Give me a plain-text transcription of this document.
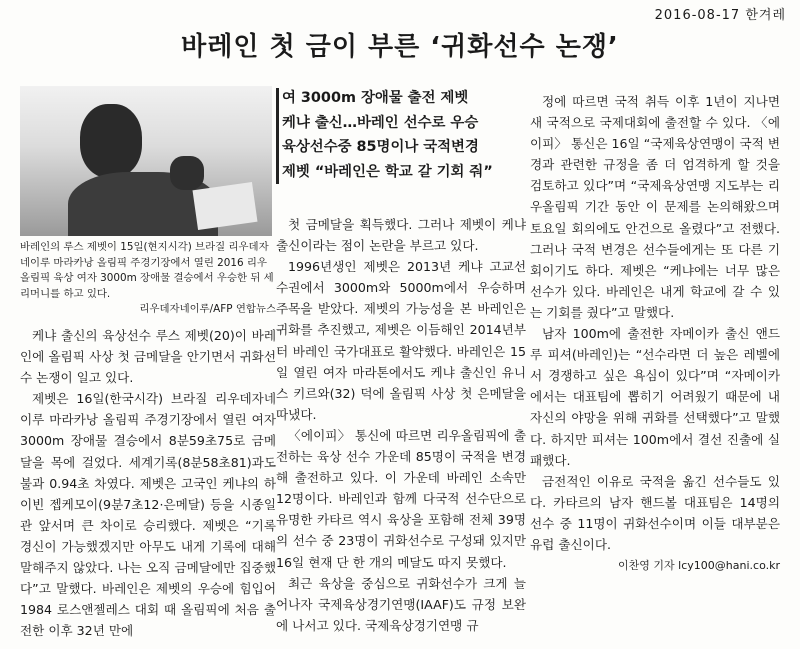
2016-08-17 한겨레
바레인 첫 금이 부른 ‘귀화선수 논쟁’
바레인의 루스 제벳이 15일(현지시각) 브라질 리우데자네이루 마라카낭 올림픽 주경기장에서 열린 2016 리우올림픽 육상 여자 3000m 장애물 결승에서 우승한 뒤 세리머니를 하고 있다.
리우데자네이루/AFP 연합뉴스
여 3000m 장애물 출전 제벳
케냐 출신…바레인 선수로 우승
육상선수중 85명이나 국적변경
제벳 “바레인은 학교 갈 기회 줘”

케냐 출신의 육상선수 루스 제벳(20)이 바레인에 올림픽 사상 첫 금메달을 안기면서 귀화선수 논쟁이 일고 있다.

제벳은 16일(한국시각) 브라질 리우데자네이루 마라카낭 올림픽 주경기장에서 열린 여자 3000m 장애물 결승에서 8분59초75로 금메달을 목에 걸었다. 세계기록(8분58초81)과도 불과 0.94초 차였다. 제벳은 고국인 케냐의 하이빈 젭케모이(9분7초12·은메달) 등을 시종일관 앞서며 큰 차이로 승리했다. 제벳은 “기록 경신이 가능했겠지만 아무도 내게 기록에 대해 말해주지 않았다. 나는 오직 금메달에만 집중했다”고 말했다. 바레인은 제벳의 우승에 힘입어 1984 로스앤젤레스 대회 때 올림픽에 처음 출전한 이후 32년 만에

첫 금메달을 획득했다. 그러나 제벳이 케냐 출신이라는 점이 논란을 부르고 있다.

1996년생인 제벳은 2013년 케냐 고교선수권에서 3000m와 5000m에서 우승하며 주목을 받았다. 제벳의 가능성을 본 바레인은 귀화를 추진했고, 제벳은 이듬해인 2014년부터 바레인 국가대표로 활약했다. 바레인은 15일 열린 여자 마라톤에서도 케냐 출신인 유니스 키르와(32) 덕에 올림픽 사상 첫 은메달을 따냈다.

〈에이피〉 통신에 따르면 리우올림픽에 출전하는 육상 선수 가운데 85명이 국적을 변경해 출전하고 있다. 이 가운데 바레인 소속만 12명이다. 바레인과 함께 다국적 선수단으로 유명한 카타르 역시 육상을 포함해 전체 39명의 선수 중 23명이 귀화선수로 구성돼 있지만 16일 현재 단 한 개의 메달도 따지 못했다.

최근 육상을 중심으로 귀화선수가 크게 늘어나자 국제육상경기연맹(IAAF)도 규정 보완에 나서고 있다. 국제육상경기연맹 규

정에 따르면 국적 취득 이후 1년이 지나면 새 국적으로 국제대회에 출전할 수 있다. 〈에이피〉 통신은 16일 “국제육상연맹이 국적 변경과 관련한 규정을 좀 더 엄격하게 할 것을 검토하고 있다”며 “국제육상연맹 지도부는 리우올림픽 기간 동안 이 문제를 논의해왔으며 토요일 회의에도 안건으로 올렸다”고 전했다. 그러나 국적 변경은 선수들에게는 또 다른 기회이기도 하다. 제벳은 “케냐에는 너무 많은 선수가 있다. 바레인은 내게 학교에 갈 수 있는 기회를 줬다”고 말했다.

남자 100m에 출전한 자메이카 출신 앤드루 피셔(바레인)는 “선수라면 더 높은 레벨에서 경쟁하고 싶은 욕심이 있다”며 “자메이카에서는 대표팀에 뽑히기 어려웠기 때문에 내 자신의 야망을 위해 귀화를 선택했다”고 말했다. 하지만 피셔는 100m에서 결선 진출에 실패했다.

금전적인 이유로 국적을 옮긴 선수들도 있다. 카타르의 남자 핸드볼 대표팀은 14명의 선수 중 11명이 귀화선수이며 이들 대부분은 유럽 출신이다.

이찬영 기자 lcy100@hani.co.kr
